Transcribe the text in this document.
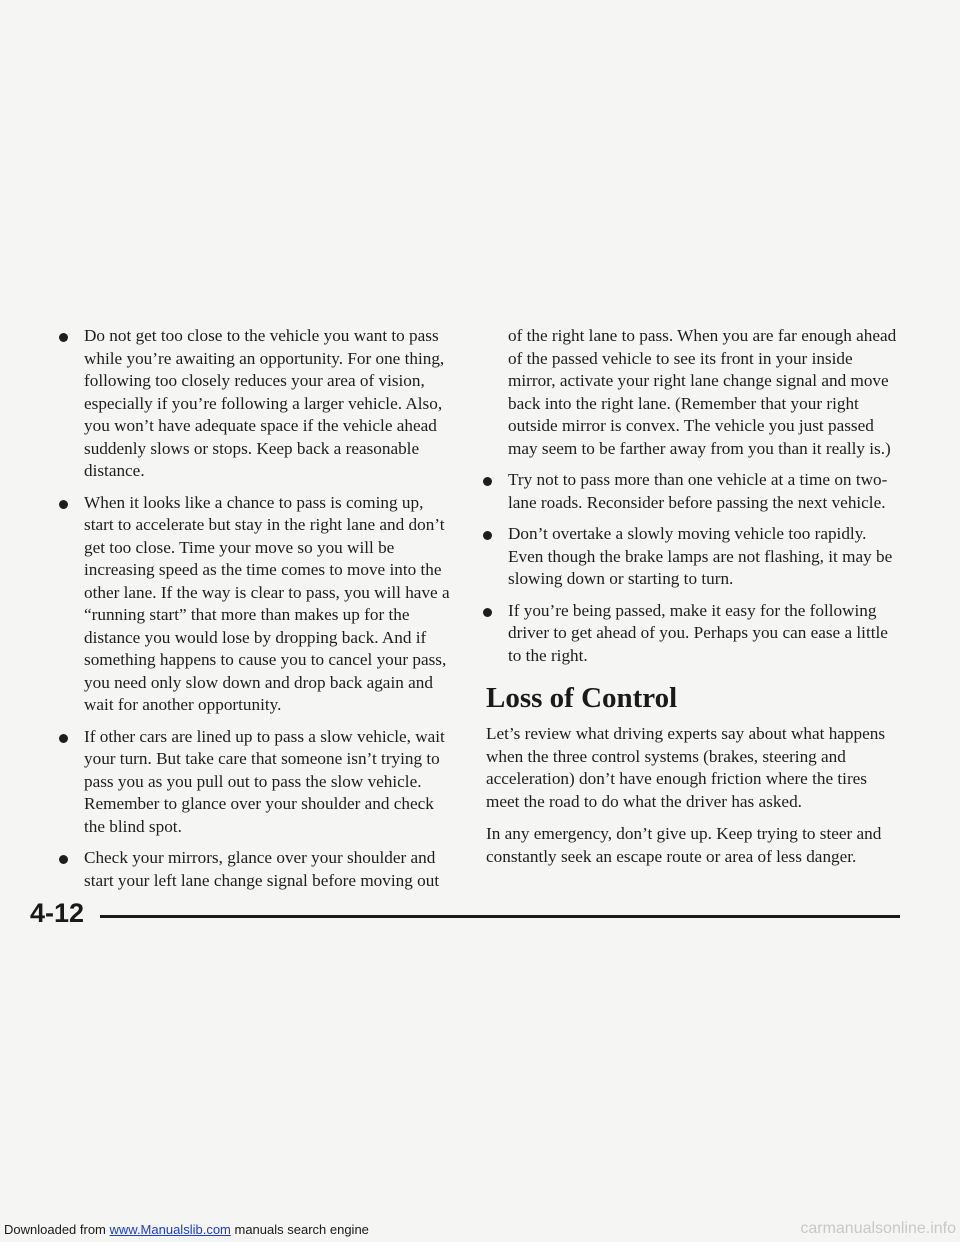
Do not get too close to the vehicle you want to pass while you’re awaiting an opportunity. For one thing, following too closely reduces your area of vision, especially if you’re following a larger vehicle. Also, you won’t have adequate space if the vehicle ahead suddenly slows or stops. Keep back a reasonable distance.
When it looks like a chance to pass is coming up, start to accelerate but stay in the right lane and don’t get too close. Time your move so you will be increasing speed as the time comes to move into the other lane. If the way is clear to pass, you will have a “running start” that more than makes up for the distance you would lose by dropping back. And if something happens to cause you to cancel your pass, you need only slow down and drop back again and wait for another opportunity.
If other cars are lined up to pass a slow vehicle, wait your turn. But take care that someone isn’t trying to pass you as you pull out to pass the slow vehicle. Remember to glance over your shoulder and check the blind spot.
Check your mirrors, glance over your shoulder and start your left lane change signal before moving out
of the right lane to pass. When you are far enough ahead of the passed vehicle to see its front in your inside mirror, activate your right lane change signal and move back into the right lane. (Remember that your right outside mirror is convex. The vehicle you just passed may seem to be farther away from you than it really is.)
Try not to pass more than one vehicle at a time on two-lane roads. Reconsider before passing the next vehicle.
Don’t overtake a slowly moving vehicle too rapidly. Even though the brake lamps are not flashing, it may be slowing down or starting to turn.
If you’re being passed, make it easy for the following driver to get ahead of you. Perhaps you can ease a little to the right.
Loss of Control
Let’s review what driving experts say about what happens when the three control systems (brakes, steering and acceleration) don’t have enough friction where the tires meet the road to do what the driver has asked.
In any emergency, don’t give up. Keep trying to steer and constantly seek an escape route or area of less danger.
4-12
Downloaded from www.Manualslib.com manuals search engine	carmanualsonline.info
